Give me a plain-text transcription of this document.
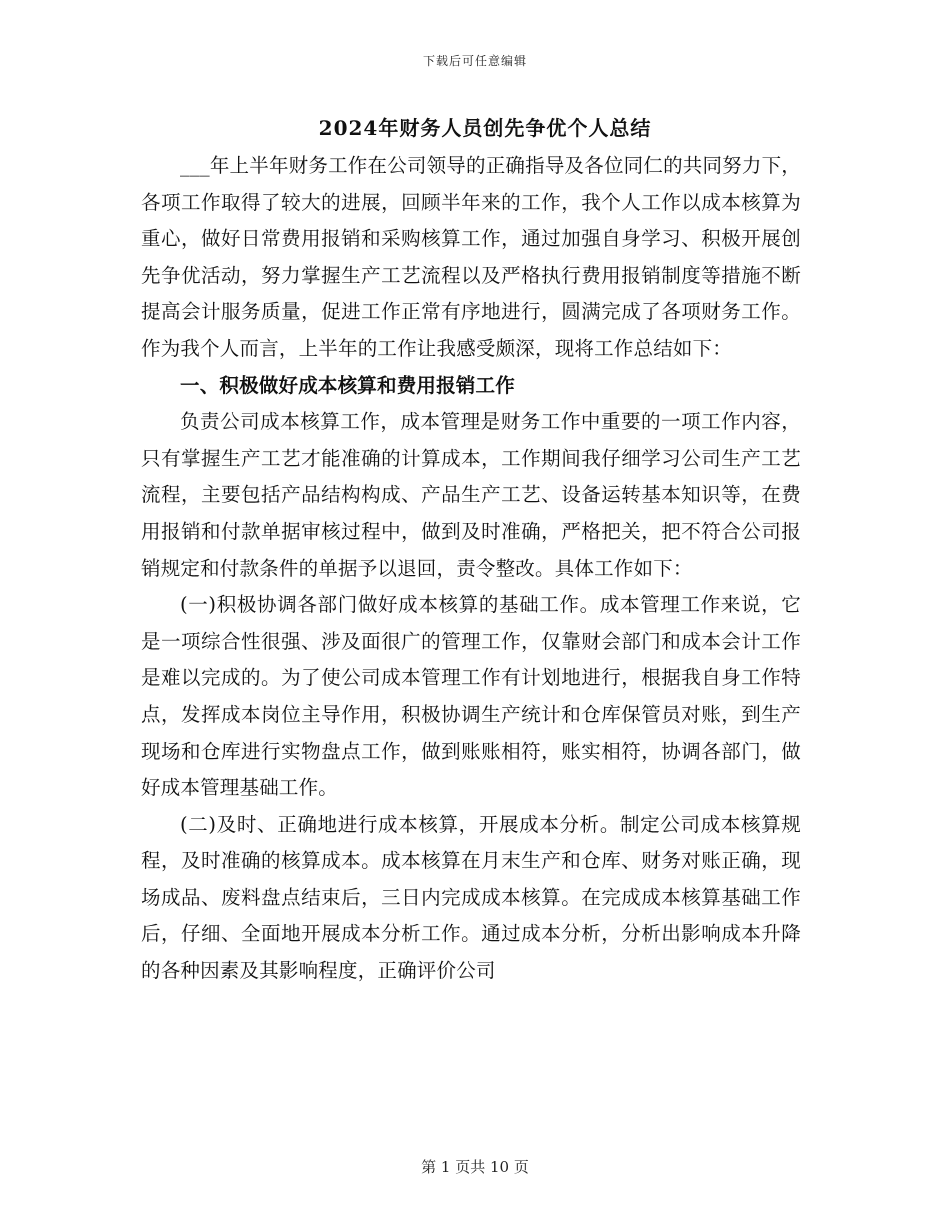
下载后可任意编辑
2024年财务人员创先争优个人总结

___年上半年财务工作在公司领导的正确指导及各位同仁的共同努力下，各项工作取得了较大的进展，回顾半年来的工作，我个人工作以成本核算为重心，做好日常费用报销和采购核算工作，通过加强自身学习、积极开展创先争优活动，努力掌握生产工艺流程以及严格执行费用报销制度等措施不断提高会计服务质量，促进工作正常有序地进行，圆满完成了各项财务工作。作为我个人而言，上半年的工作让我感受颇深，现将工作总结如下：

一、积极做好成本核算和费用报销工作

负责公司成本核算工作，成本管理是财务工作中重要的一项工作内容，只有掌握生产工艺才能准确的计算成本，工作期间我仔细学习公司生产工艺流程，主要包括产品结构构成、产品生产工艺、设备运转基本知识等，在费用报销和付款单据审核过程中，做到及时准确，严格把关，把不符合公司报销规定和付款条件的单据予以退回，责令整改。具体工作如下：

(一)积极协调各部门做好成本核算的基础工作。成本管理工作来说，它是一项综合性很强、涉及面很广的管理工作，仅靠财会部门和成本会计工作是难以完成的。为了使公司成本管理工作有计划地进行，根据我自身工作特点，发挥成本岗位主导作用，积极协调生产统计和仓库保管员对账，到生产现场和仓库进行实物盘点工作，做到账账相符，账实相符，协调各部门，做好成本管理基础工作。

(二)及时、正确地进行成本核算，开展成本分析。制定公司成本核算规程，及时准确的核算成本。成本核算在月末生产和仓库、财务对账正确，现场成品、废料盘点结束后，三日内完成成本核算。在完成成本核算基础工作后，仔细、全面地开展成本分析工作。通过成本分析，分析出影响成本升降的各种因素及其影响程度，正确评价公司

第 1 页共 10 页
